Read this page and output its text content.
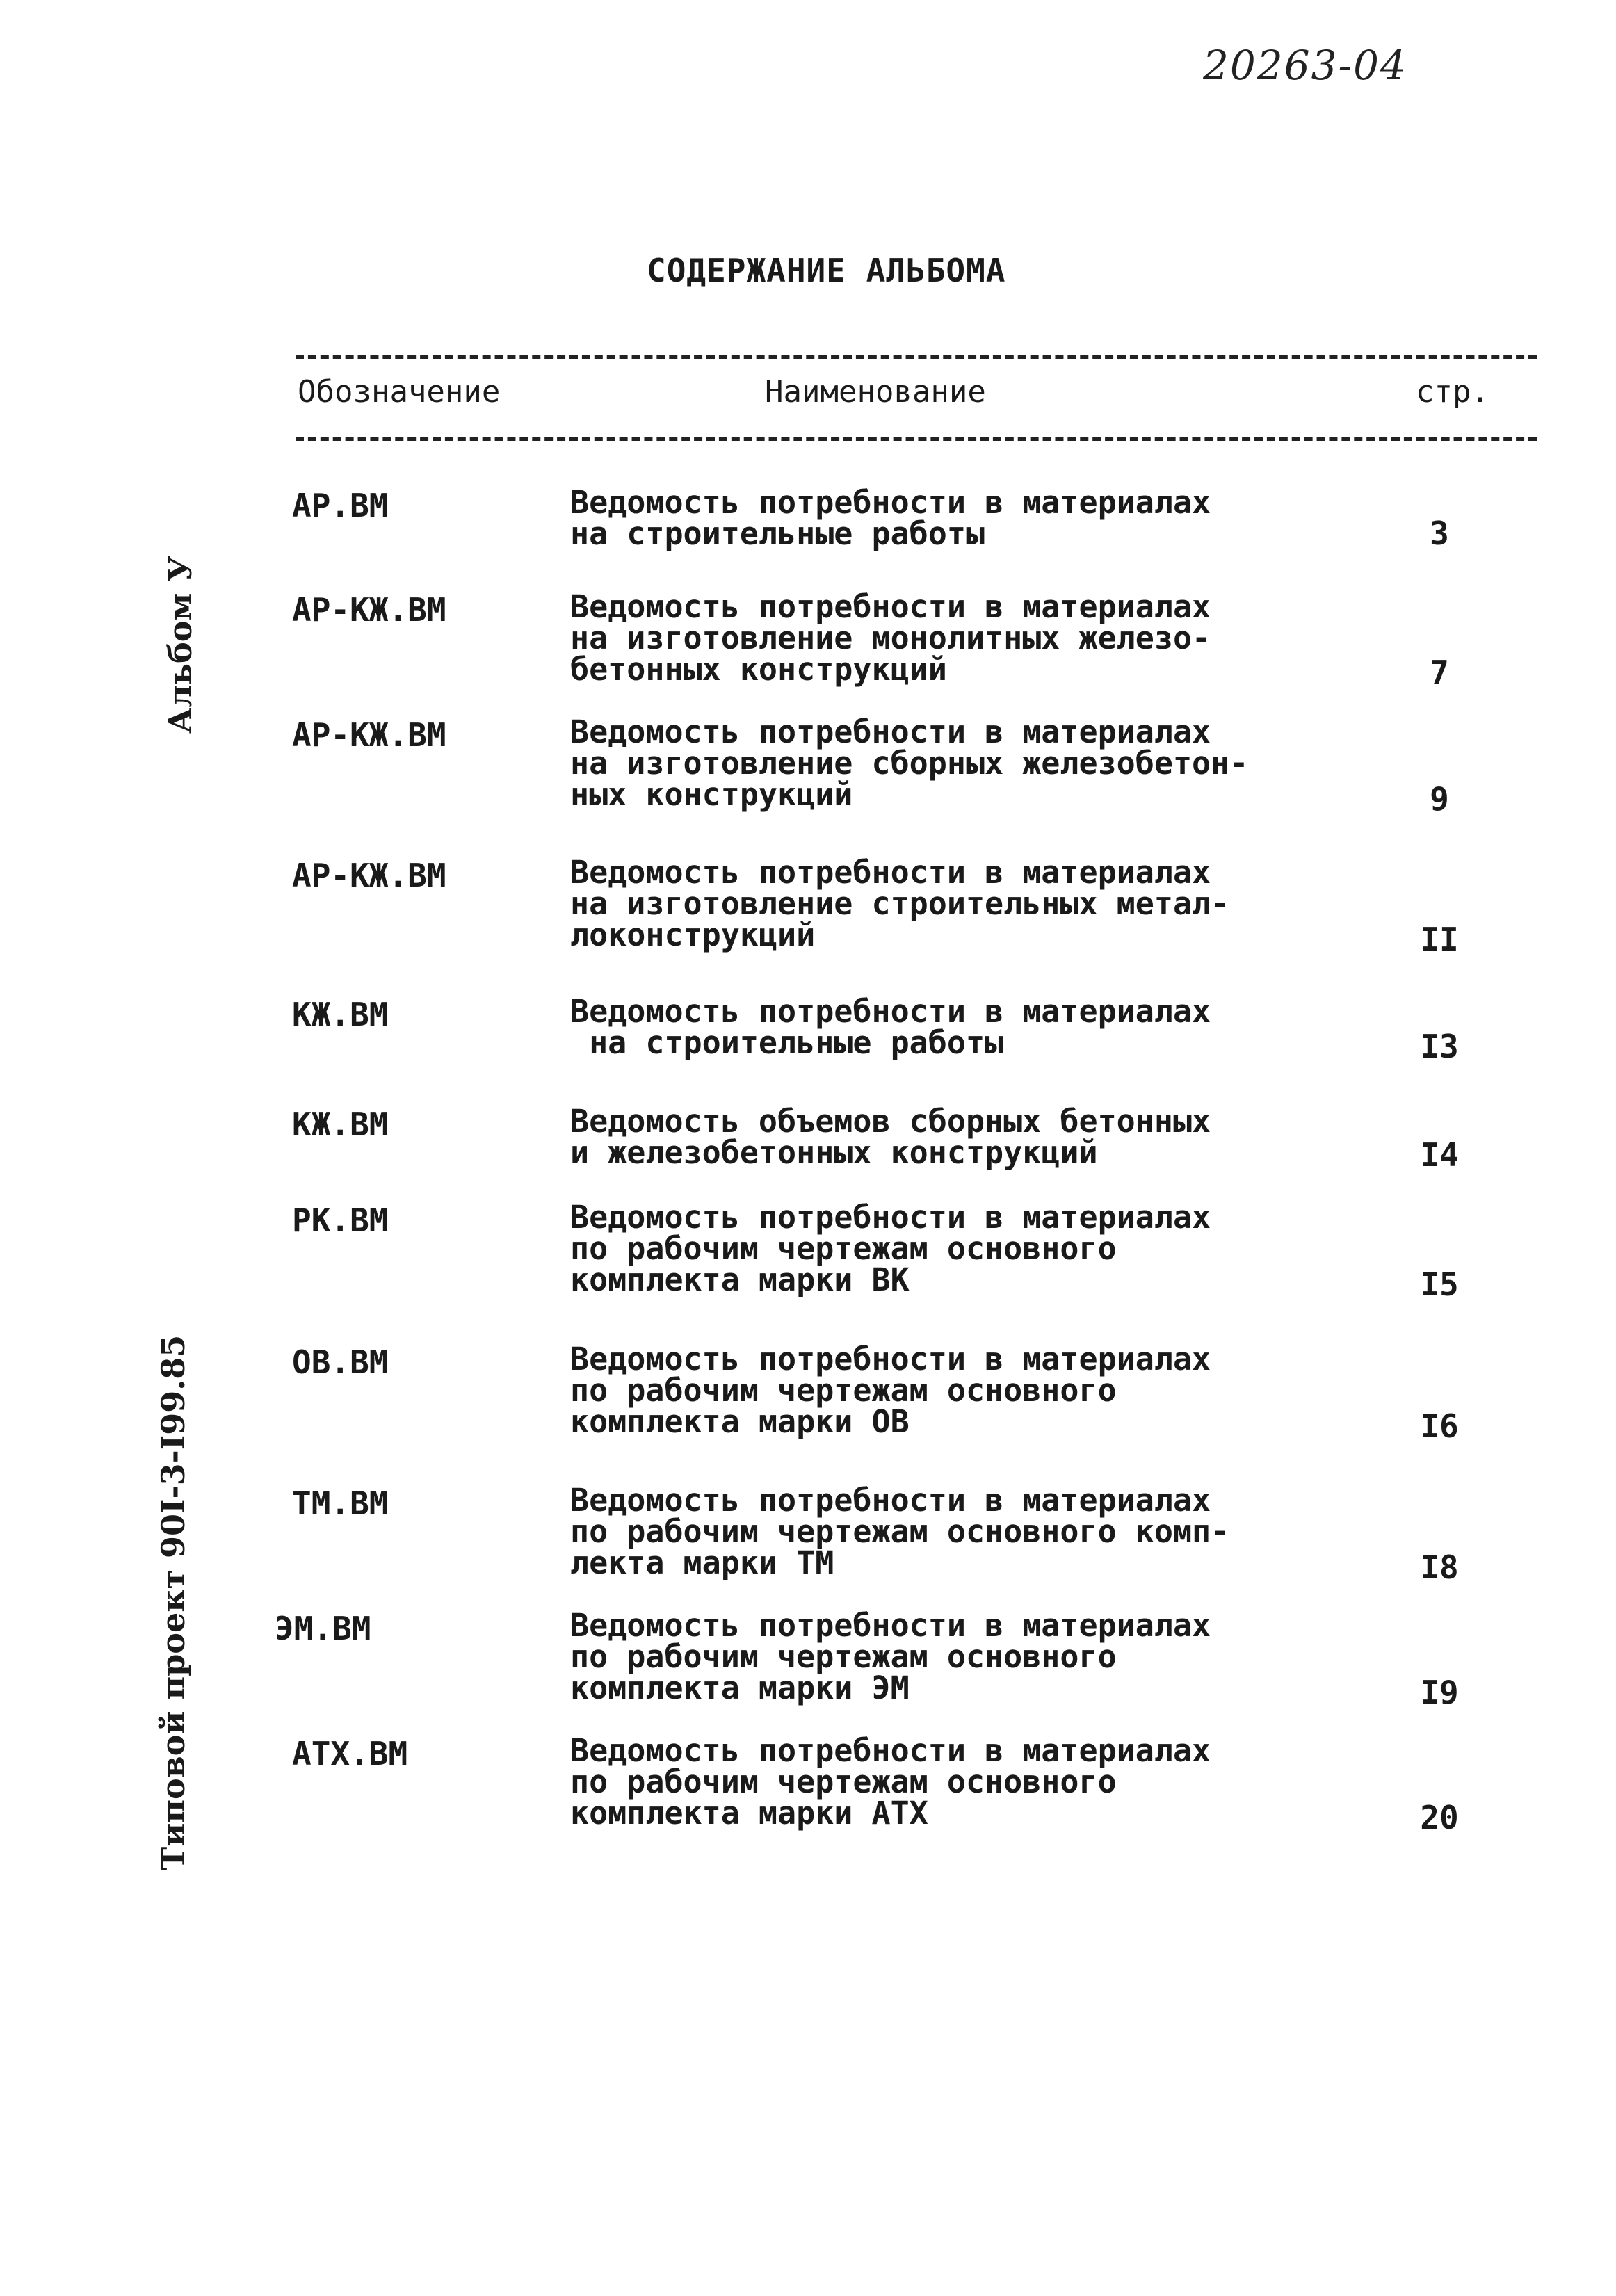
20263-04
СОДЕРЖАНИЕ АЛЬБОМА
Обозначение	Наименование	стр.
Альбом У
Типовой проект 90I-3-I99.85
АР.ВМ	Ведомость потребности в материалах
на строительные работы	3
АР-КЖ.ВМ	Ведомость потребности в материалах
на изготовление монолитных железо-
бетонных конструкций	7
АР-КЖ.ВМ	Ведомость потребности в материалах
на изготовление сборных железобетон-
ных конструкций	9
АР-КЖ.ВМ	Ведомость потребности в материалах
на изготовление строительных метал-
локонструкций	II
КЖ.ВМ	Ведомость потребности в материалах
на строительные работы	I3
КЖ.ВМ	Ведомость объемов сборных бетонных
и железобетонных конструкций	I4
РК.ВМ	Ведомость потребности в материалах
по рабочим чертежам основного
комплекта марки ВК	I5
ОВ.ВМ	Ведомость потребности в материалах
по рабочим чертежам основного
комплекта марки ОВ	I6
ТМ.ВМ	Ведомость потребности в материалах
по рабочим чертежам основного комп-
лекта марки ТМ	I8
ЭМ.ВМ	Ведомость потребности в материалах
по рабочим чертежам основного
комплекта марки ЭМ	I9
АТХ.ВМ	Ведомость потребности в материалах
по рабочим чертежам основного
комплекта марки АТХ	20
